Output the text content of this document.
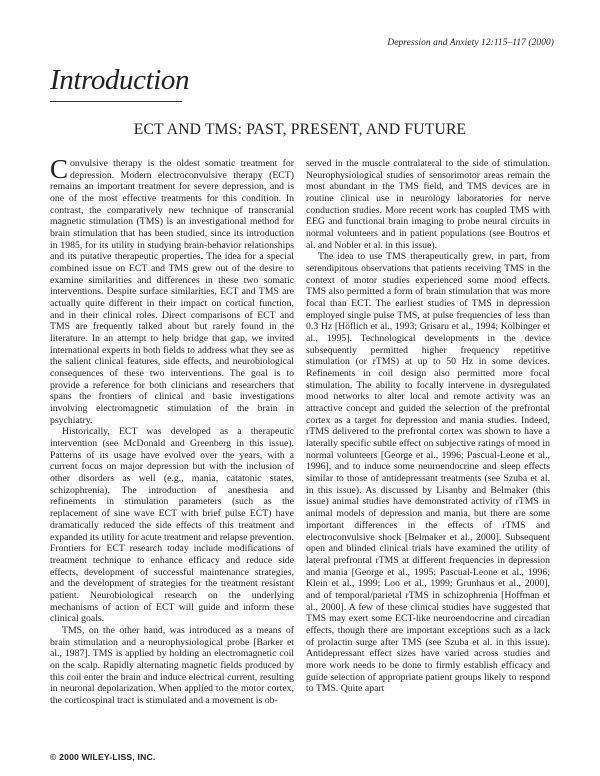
Depression and Anxiety 12:115–117 (2000)
Introduction
ECT AND TMS: PAST, PRESENT, AND FUTURE

Convulsive therapy is the oldest somatic treatment for depression. Modern electroconvulsive therapy (ECT) remains an important treatment for severe depression, and is one of the most effective treatments for this condition. In contrast, the comparatively new technique of transcranial magnetic stimulation (TMS) is an investigational method for brain stimulation that has been studied, since its introduction in 1985, for its utility in studying brain-behavior relationships and its putative therapeutic properties. The idea for a special combined issue on ECT and TMS grew out of the desire to examine similarities and differences in these two somatic interventions. Despite surface similarities, ECT and TMS are actually quite different in their impact on cortical function, and in their clinical roles. Direct comparisons of ECT and TMS are frequently talked about but rarely found in the literature. In an attempt to help bridge that gap, we invited international experts in both fields to address what they see as the salient clinical features, side effects, and neurobiological consequences of these two interventions. The goal is to provide a reference for both clinicians and researchers that spans the frontiers of clinical and basic investigations involving electromagnetic stimulation of the brain in psychiatry.

Historically, ECT was developed as a therapeutic intervention (see McDonald and Greenberg in this issue). Patterns of its usage have evolved over the years, with a current focus on major depression but with the inclusion of other disorders as well (e.g., mania, catatonic states, schizophrenia). The introduction of anesthesia and refinements in stimulation parameters (such as the replacement of sine wave ECT with brief pulse ECT) have dramatically reduced the side effects of this treatment and expanded its utility for acute treatment and relapse prevention. Frontiers for ECT research today include modifications of treatment technique to enhance efficacy and reduce side effects, development of successful maintenance strategies, and the development of strategies for the treatment resistant patient. Neurobiological research on the underlying mechanisms of action of ECT will guide and inform these clinical goals.

TMS, on the other hand, was introduced as a means of brain stimulation and a neurophysiological probe [Barker et al., 1987]. TMS is applied by holding an electromagnetic coil on the scalp. Rapidly alternating magnetic fields produced by this coil enter the brain and induce electrical current, resulting in neuronal depolarization. When applied to the motor cortex, the corticospinal tract is stimulated and a movement is ob-

served in the muscle contralateral to the side of stimulation. Neurophysiological studies of sensorimotor areas remain the most abundant in the TMS field, and TMS devices are in routine clinical use in neurology laboratories for nerve conduction studies. More recent work has coupled TMS with EEG and functional brain imaging to probe neural circuits in normal volunteers and in patient populations (see Boutros et al. and Nobler et al. in this issue).

The idea to use TMS therapeutically grew, in part, from serendipitous observations that patients receiving TMS in the context of motor studies experienced some mood effects. TMS also permitted a form of brain stimulation that was more focal than ECT. The earliest studies of TMS in depression employed single pulse TMS, at pulse frequencies of less than 0.3 Hz [Höflich et al., 1993; Grisaru et al., 1994; Kolbinger et al., 1995]. Technological developments in the device subsequently permitted higher frequency repetitive stimulation (or rTMS) at up to 50 Hz in some devices. Refinements in coil design also permitted more focal stimulation. The ability to focally intervene in dysregulated mood networks to alter local and remote activity was an attractive concept and guided the selection of the prefrontal cortex as a target for depression and mania studies. Indeed, rTMS delivered to the prefrontal cortex was shown to have a laterally specific subtle effect on subjective ratings of mood in normal volunteers [George et al., 1996; Pascual-Leone et al., 1996], and to induce some neuroendocrine and sleep effects similar to those of antidepressant treatments (see Szuba et al. in this issue). As discussed by Lisanby and Belmaker (this issue) animal studies have demonstrated activity of rTMS in animal models of depression and mania, but there are some important differences in the effects of rTMS and electroconvulsive shock [Belmaker et al., 2000]. Subsequent open and blinded clinical trials have examined the utility of lateral prefrontal rTMS at different frequencies in depression and mania [George et al., 1995; Pascual-Leone et al., 1996; Klein et al., 1999; Loo et al., 1999; Grunhaus et al., 2000], and of temporal/parietal rTMS in schizophrenia [Hoffman et al., 2000]. A few of these clinical studies have suggested that TMS may exert some ECT-like neuroendocrine and circadian effects, though there are important exceptions such as a lack of prolactin surge after TMS (see Szuba et al. in this issue). Antidepressant effect sizes have varied across studies and more work needs to be done to firmly establish efficacy and guide selection of appropriate patient groups likely to respond to TMS. Quite apart

© 2000 WILEY-LISS, INC.
